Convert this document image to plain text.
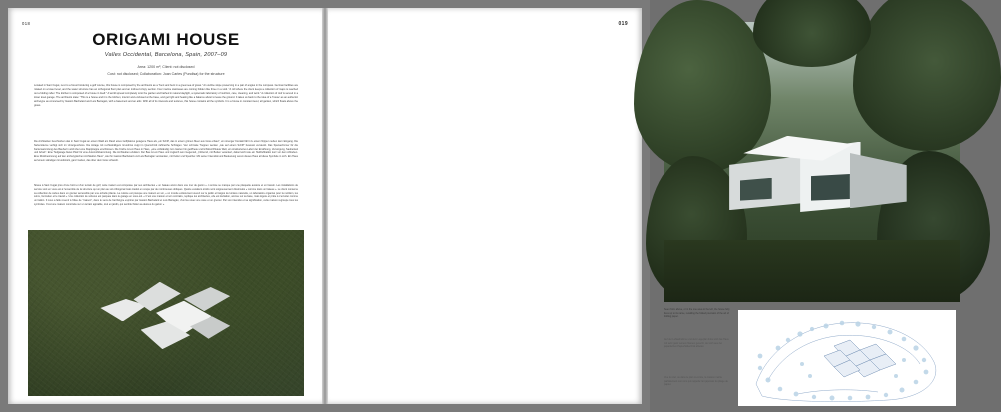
018
ORIGAMI HOUSE
Valles Occidental, Barcelona, Spain, 2007–09
Area: 1200 m²; Client: not disclosed
Cost: not disclosed; Collaboration: Joan Carles (Pundisa) for the structure
Located in Sant Cugat, next to a forest bordering a golf course, this house is composed by the architects as a "bent and bent in a great sea of grass." An outline slope preserving in a pair of angles in the compass. German facilities are rotated on a lower level, and the water structure has an orthogonal floor plan and an inclined crispy section. Four marine staircases are coming hidden like three in a void. "A roll where the client keeps a collection of maps is reached out a folding rafter. The kitchen is composed of a house in itself." A world spread completely onto the garden and bathed in natural daylight, a systematic laboratory of nutrition, care, cleaning, and work." A collection of roof is served in a lower level garage. The architects state: "This is a house and it is the kitchen, interior and enclosed at the base, and get light and heating like a balance about to leave the ground. It takes us back to the idea of a 'house' as an authentic archetype as conceived by Gaston Bachelard and Luis Barragán, with a basement and an attic. With all of its interests and textures, this house contains all the symbols. It is a house in constant level, all garden, which floats above the grass.
Die Architekten beschreiben das in Sant Cugat an einem Wald am Rand eines Golfplatzes gelegene Haus als „ein Schiff, das in einem grünen Meer aus Gras erbaut", ein strenger Kontakt fährt zu einem Nippen neben dem Eingang. Die Nebenräume verfügt sich im Untergeschoss. Die Anlage mit rechtwinkligem Grundriss zeigt im Querschnitt zahlreiche Schrägen. Vier schmale Treppen werden „wie auf einem Schiff" bewusst versteckt. Das Speisezimmer für die Kartensammlung des Bauherrn wird über eine Klapptreppe erschlossen. Die Küche ist ein Haus in Haus, „eine vollständig zum Garten hin geöffnete und lichtdurchflutete Welt, ein strukturiertes Labor der Ernährung, Versorgung, Sauberkeit und Arbeit". Eine Tiefgarage bietet Platz für eine Automobilsammlung. Die Architekten erklären: Der Bau ist ein Haus und zugleich sein Gegenteil, „hölzernd, mit Boden verankert, dabei leicht wie ein Heißluftballon kurz vor dem Abheben. Eine Rückbesinnung auf den archetypischen Architektur-Haus", wie ihn Gaston Bachelard und Luis Barragán verstanden, mit Keller und Speicher. Mit seiner Intensität und Bedeutung verein dieses Haus all diese Symbole in sich. Ein Haus auf einem ständigen Grundstück, ganz Garten, das über dem Gras schwebt.
Située à Sant Cugat près d'une forêt et d'un terrain de golf, cette maison est composée par ses architectes « un bateau ancré dans une mer de gazon ». L'entrée se marque par une plaquette austère et un bassin. Les installations de service sont en vous est à l'ensemble de la structure qui un plan au sol orthogonal mais traduit en coupe par de nombreuses obliques. Quatre escaliers étroits sont soigneusement dissimulés « comme dans un bateau ». Le client conserve sa collection de cartes dans un grenier accessible par une échelle pliante. La cuisine est presque une maison en soi, « un monde entièrement ouvert sur le jardin et baigné de lumière naturelle, un laboratoire organisé pour la nutrition, les soins, l'entretien et le travail ». Une collection de voitures est parquée dans le garage en sous-sol. « C'est une maison et son contraire, replique les architectes, elle est lévitation, ancrée sur sa base, mais légère et prête à s'envoler comme un ballon. Il nous a fallu revenir à l'idée de "maison", dans le sens de l'archétype exprimé par Gaston Bachelard et Luis Barragán, d'un lieu avec une cave et un grenier. Par son intensité et sa signification, cette maison regroupe tous les symboles. C'est une maison construite sur un terrain agréable, tout en jardin, qui semble flotter au-dessus du gazon ».
019
Seen from above, or in the one area to the left, the house fully lives up to its name, recalling the folded precision of the art of folding paper.
Auf der Luftaufnahme und dem Lageplan links wird das Haus mit sehr ganz seinem Namen gerecht, der sich aus der japanischen Papierfalttechnik ableitet.
Vue du ciel, ou dans le plan ci-contre, la maison mérite parfaitement son nom qui rappelle l'art japonais du pliage de papier.
